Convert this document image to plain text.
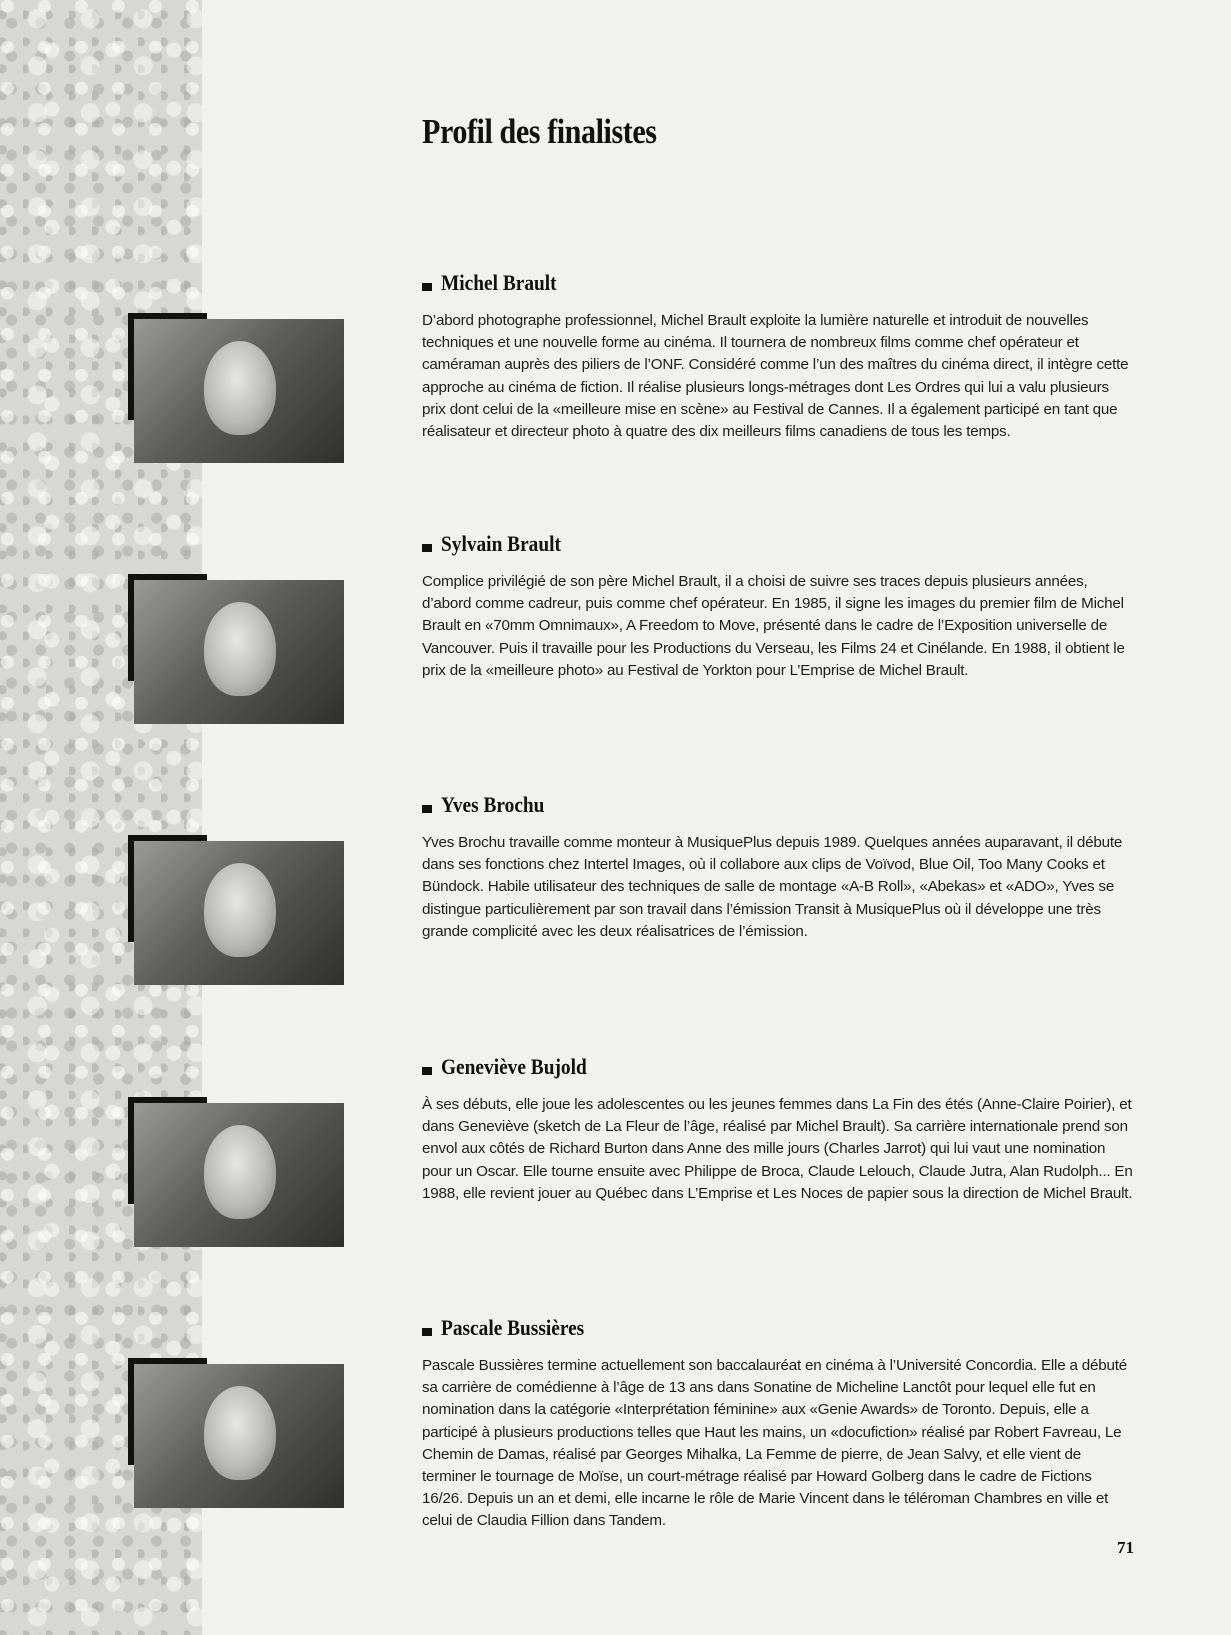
Profil des finalistes
Michel Brault

D’abord photographe professionnel, Michel Brault exploite la lumière naturelle et introduit de nouvelles techniques et une nouvelle forme au cinéma. Il tournera de nombreux films comme chef opérateur et caméraman auprès des piliers de l’ONF. Considéré comme l’un des maîtres du cinéma direct, il intègre cette approche au cinéma de fiction. Il réalise plusieurs longs-métrages dont Les Ordres qui lui a valu plusieurs prix dont celui de la «meilleure mise en scène» au Festival de Cannes. Il a également participé en tant que réalisateur et directeur photo à quatre des dix meilleurs films canadiens de tous les temps.

Sylvain Brault

Complice privilégié de son père Michel Brault, il a choisi de suivre ses traces depuis plusieurs années, d’abord comme cadreur, puis comme chef opérateur. En 1985, il signe les images du premier film de Michel Brault en «70mm Omnimaux», A Freedom to Move, présenté dans le cadre de l’Exposition universelle de Vancouver. Puis il travaille pour les Productions du Verseau, les Films 24 et Cinélande. En 1988, il obtient le prix de la «meilleure photo» au Festival de Yorkton pour L’Emprise de Michel Brault.

Yves Brochu

Yves Brochu travaille comme monteur à MusiquePlus depuis 1989. Quelques années auparavant, il débute dans ses fonctions chez Intertel Images, où il collabore aux clips de Voïvod, Blue Oil, Too Many Cooks et Bündock. Habile utilisateur des techniques de salle de montage «A-B Roll», «Abekas» et «ADO», Yves se distingue particulièrement par son travail dans l’émission Transit à MusiquePlus où il développe une très grande complicité avec les deux réalisatrices de l’émission.

Geneviève Bujold

À ses débuts, elle joue les adolescentes ou les jeunes femmes dans La Fin des étés (Anne-Claire Poirier), et dans Geneviève (sketch de La Fleur de l’âge, réalisé par Michel Brault). Sa carrière internationale prend son envol aux côtés de Richard Burton dans Anne des mille jours (Charles Jarrot) qui lui vaut une nomination pour un Oscar. Elle tourne ensuite avec Philippe de Broca, Claude Lelouch, Claude Jutra, Alan Rudolph... En 1988, elle revient jouer au Québec dans L’Emprise et Les Noces de papier sous la direction de Michel Brault.

Pascale Bussières

Pascale Bussières termine actuellement son baccalauréat en cinéma à l’Université Concordia. Elle a débuté sa carrière de comédienne à l’âge de 13 ans dans Sonatine de Micheline Lanctôt pour lequel elle fut en nomination dans la catégorie «Interprétation féminine» aux «Genie Awards» de Toronto. Depuis, elle a participé à plusieurs productions telles que Haut les mains, un «docufiction» réalisé par Robert Favreau, Le Chemin de Damas, réalisé par Georges Mihalka, La Femme de pierre, de Jean Salvy, et elle vient de terminer le tournage de Moïse, un court-métrage réalisé par Howard Golberg dans le cadre de Fictions 16/26. Depuis un an et demi, elle incarne le rôle de Marie Vincent dans le téléroman Chambres en ville et celui de Claudia Fillion dans Tandem.

71
